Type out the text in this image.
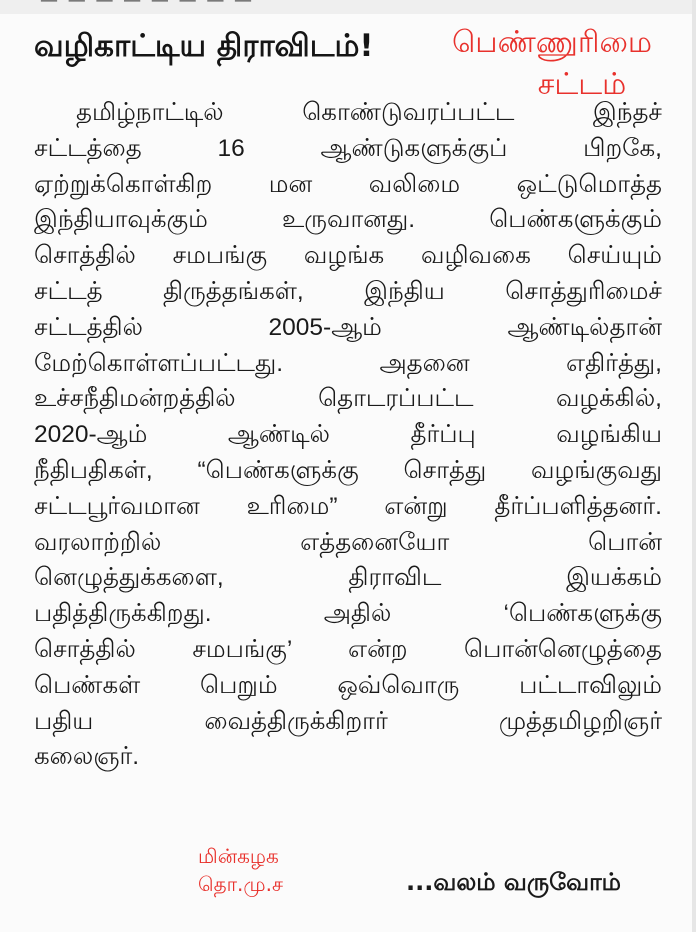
— — — — — — — —
வழிகாட்டிய திராவிடம்!	பெண்ணுரிமை
சட்டம்
தமிழ்நாட்டில் கொண்டுவரப்பட்ட இந்தச்
சட்டத்தை 16 ஆண்டுகளுக்குப் பிறகே,
ஏற்றுக்கொள்கிற மன வலிமை ஒட்டுமொத்த
இந்தியாவுக்கும் உருவானது. பெண்களுக்கும்
சொத்தில் சமபங்கு வழங்க வழிவகை செய்யும்
சட்டத் திருத்தங்கள், இந்திய சொத்துரிமைச்
சட்டத்தில் 2005-ஆம் ஆண்டில்தான்
மேற்கொள்ளப்பட்டது. அதனை எதிர்த்து,
உச்சநீதிமன்றத்தில் தொடரப்பட்ட வழக்கில்,
2020-ஆம் ஆண்டில் தீர்ப்பு வழங்கிய
நீதிபதிகள், “பெண்களுக்கு சொத்து வழங்குவது
சட்டபூர்வமான உரிமை” என்று தீர்ப்பளித்தனர்.
வரலாற்றில் எத்தனையோ பொன்
னெழுத்துக்களை, திராவிட இயக்கம்
பதித்திருக்கிறது. அதில் ‘பெண்களுக்கு
சொத்தில் சமபங்கு’ என்ற பொன்னெழுத்தை
பெண்கள் பெறும் ஒவ்வொரு பட்டாவிலும்
பதிய வைத்திருக்கிறார் முத்தமிழறிஞர்
கலைஞர்.
மின்கழக
தொ.மு.ச	...வலம் வருவோம்
